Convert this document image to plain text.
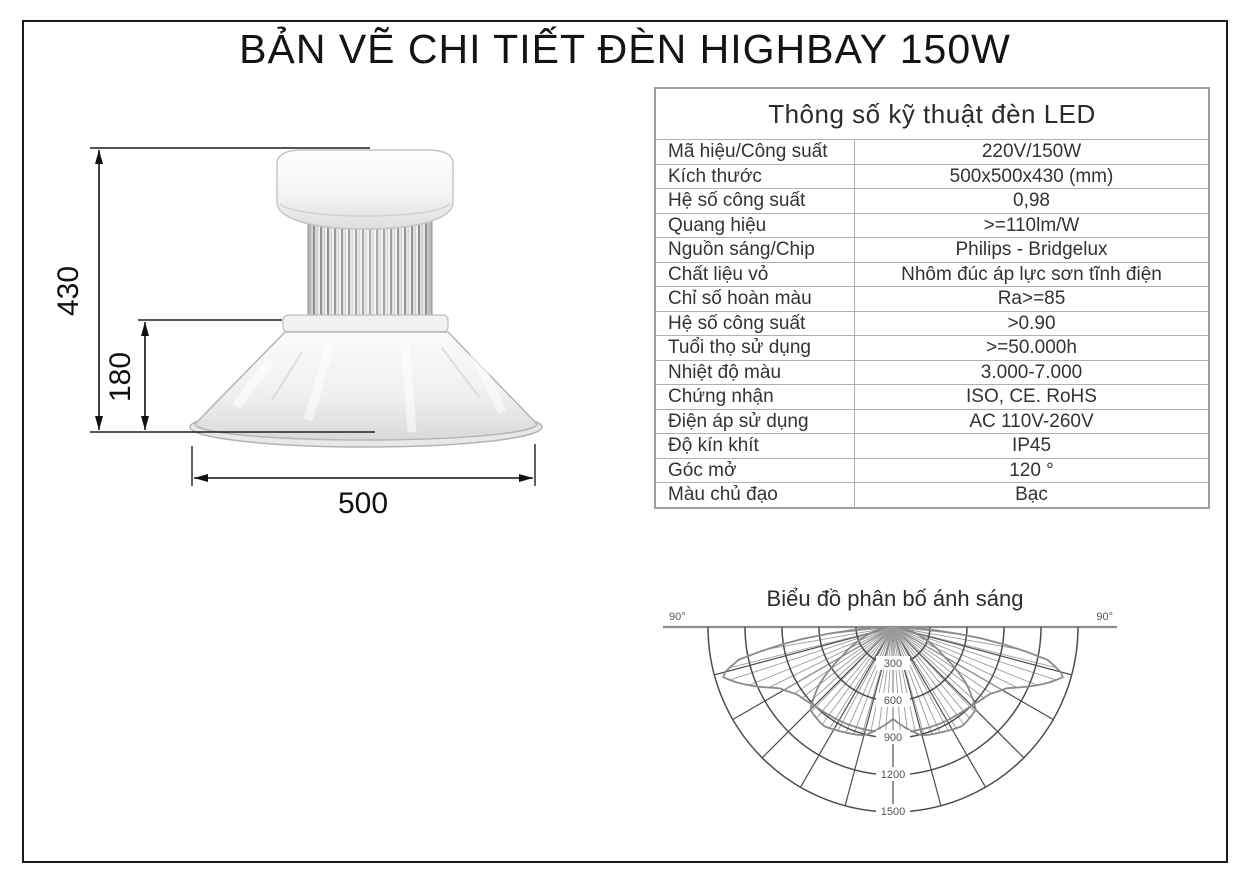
BẢN VẼ CHI TIẾT ĐÈN HIGHBAY 150W
430
180
500
Thông số kỹ thuật đèn LED
Mã hiệu/Công suất	220V/150W
Kích thước	500x500x430 (mm)
Hệ số công suất	0,98
Quang hiệu	>=110lm/W
Nguồn sáng/Chip	Philips - Bridgelux
Chất liệu vỏ	Nhôm đúc áp lực sơn tĩnh điện
Chỉ số hoàn màu	Ra>=85
Hệ số công suất	>0.90
Tuổi thọ sử dụng	>=50.000h
Nhiệt độ màu	3.000-7.000
Chứng nhận	ISO, CE. RoHS
Điện áp sử dụng	AC 110V-260V
Độ kín khít	IP45
Góc mở	120 °
Màu chủ đạo	Bạc
Biểu đồ phân bố ánh sáng
300
600
900
1200
1500
90°	90°
